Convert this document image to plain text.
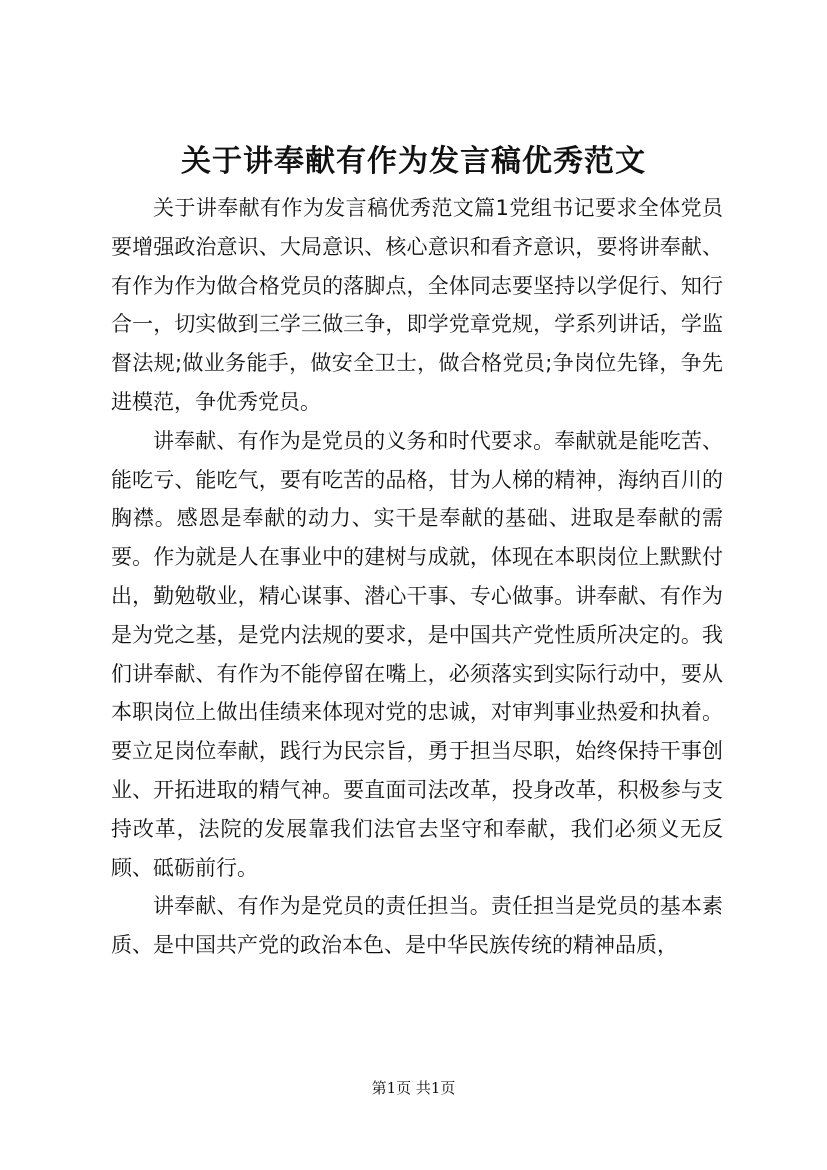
关于讲奉献有作为发言稿优秀范文

关于讲奉献有作为发言稿优秀范文篇1党组书记要求全体党员要增强政治意识、大局意识、核心意识和看齐意识，要将讲奉献、有作为作为做合格党员的落脚点，全体同志要坚持以学促行、知行合一，切实做到三学三做三争，即学党章党规，学系列讲话，学监督法规;做业务能手，做安全卫士，做合格党员;争岗位先锋，争先进模范，争优秀党员。

讲奉献、有作为是党员的义务和时代要求。奉献就是能吃苦、能吃亏、能吃气，要有吃苦的品格，甘为人梯的精神，海纳百川的胸襟。感恩是奉献的动力、实干是奉献的基础、进取是奉献的需要。作为就是人在事业中的建树与成就，体现在本职岗位上默默付出，勤勉敬业，精心谋事、潜心干事、专心做事。讲奉献、有作为是为党之基，是党内法规的要求，是中国共产党性质所决定的。我们讲奉献、有作为不能停留在嘴上，必须落实到实际行动中，要从本职岗位上做出佳绩来体现对党的忠诚，对审判事业热爱和执着。要立足岗位奉献，践行为民宗旨，勇于担当尽职，始终保持干事创业、开拓进取的精气神。要直面司法改革，投身改革，积极参与支持改革，法院的发展靠我们法官去坚守和奉献，我们必须义无反顾、砥砺前行。

讲奉献、有作为是党员的责任担当。责任担当是党员的基本素质、是中国共产党的政治本色、是中华民族传统的精神品质，

第1页 共1页
